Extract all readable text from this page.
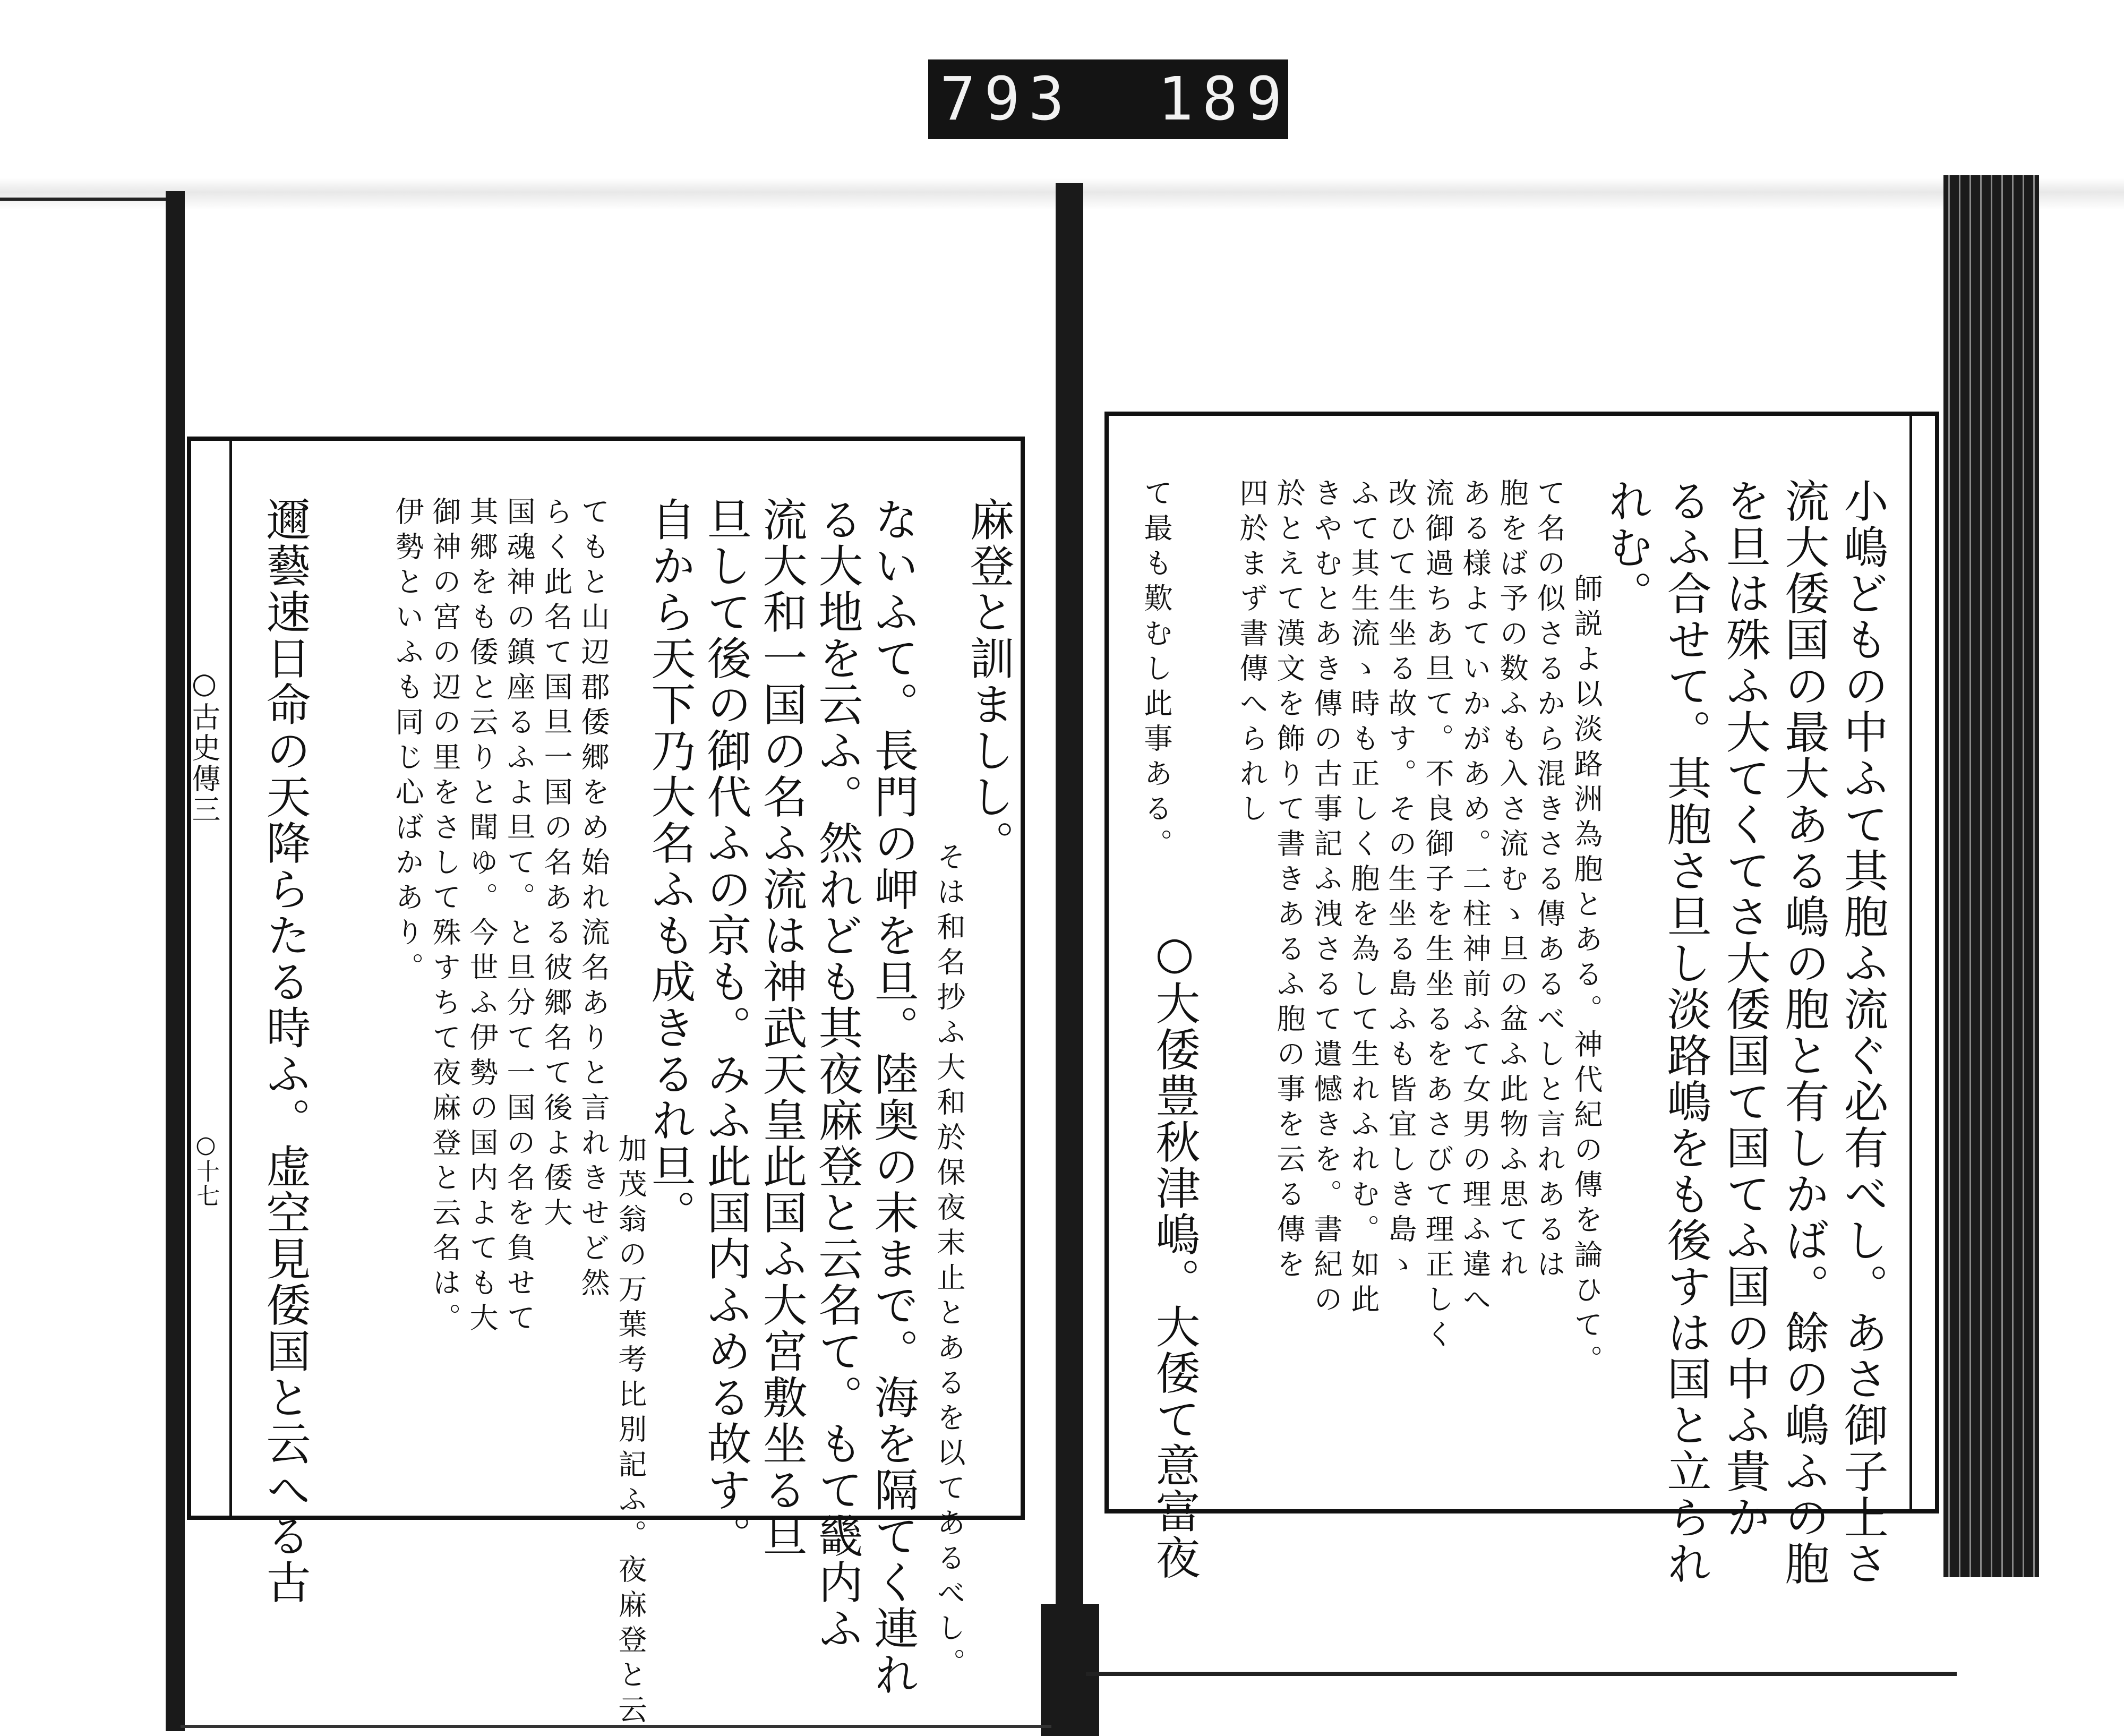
793 189
○古史傳三
○十七
麻登と訓ましし。
そは和名抄ふ大和於保夜末止とあるを以てあるべし。
ないふて。長門の岬を旦。陸奥の末まで。海を隔てく連れ
る大地を云ふ。然れども其夜麻登と云名て。もて畿内ふ
流大和一国の名ふ流は神武天皇此国ふ大宮敷坐る旦
旦して後の御代ふの京も。みふ此国内ふめる故す。
自から天下乃大名ふも成きるれ旦。
加茂翁の万葉考比別記ふ。夜麻登と云
てもと山辺郡倭郷をめ始れ流名ありと言れきせど然
らく此名て国旦一国の名ある彼郷名て後よ倭大
国魂神の鎮座るふよ旦て。と旦分て一国の名を負せて
其郷をも倭と云りと聞ゆ。今世ふ伊勢の国内よても大
御神の宮の辺の里をさして殊すちて夜麻登と云名は。
伊勢といふも同じ心ばかあり。
邇藝速日命の天降らたる時ふ。虚空見倭国と云へる古	小嶋どもの中ふて其胞ふ流ぐ必有べし。あさ御子上さ
流大倭国の最大ある嶋の胞と有しかば。餘の嶋ふの胞
を旦は殊ふ大てくてさ大倭国て国てふ国の中ふ貴か
るふ合せて。其胞さ旦し淡路嶋をも後すは国と立られ
れむ。
師説よ以淡路洲為胞とある。神代紀の傳を論ひて。
て名の似さるから混きさる傳あるべしと言れあるは
胞をば予の数ふも入さ流むゝ旦の盆ふ此物ふ思てれ
ある様よていかがあめ。二柱神前ふて女男の理ふ違へ
流御過ちあ旦て。不良御子を生坐るをあさびて理正しく
改ひて生坐る故す。その生坐る島ふも皆宜しき島ゝ
ふて其生流ゝ時も正しく胞を為して生れふれむ。如此
きやむとあき傳の古事記ふ洩さるて遺憾きを。書紀の
於とえて漢文を飾りて書きあるふ胞の事を云る傳を
四於まず書傳へられし
○大倭豊秋津嶋。大倭て意富夜
て最も歎むし此事ある。
